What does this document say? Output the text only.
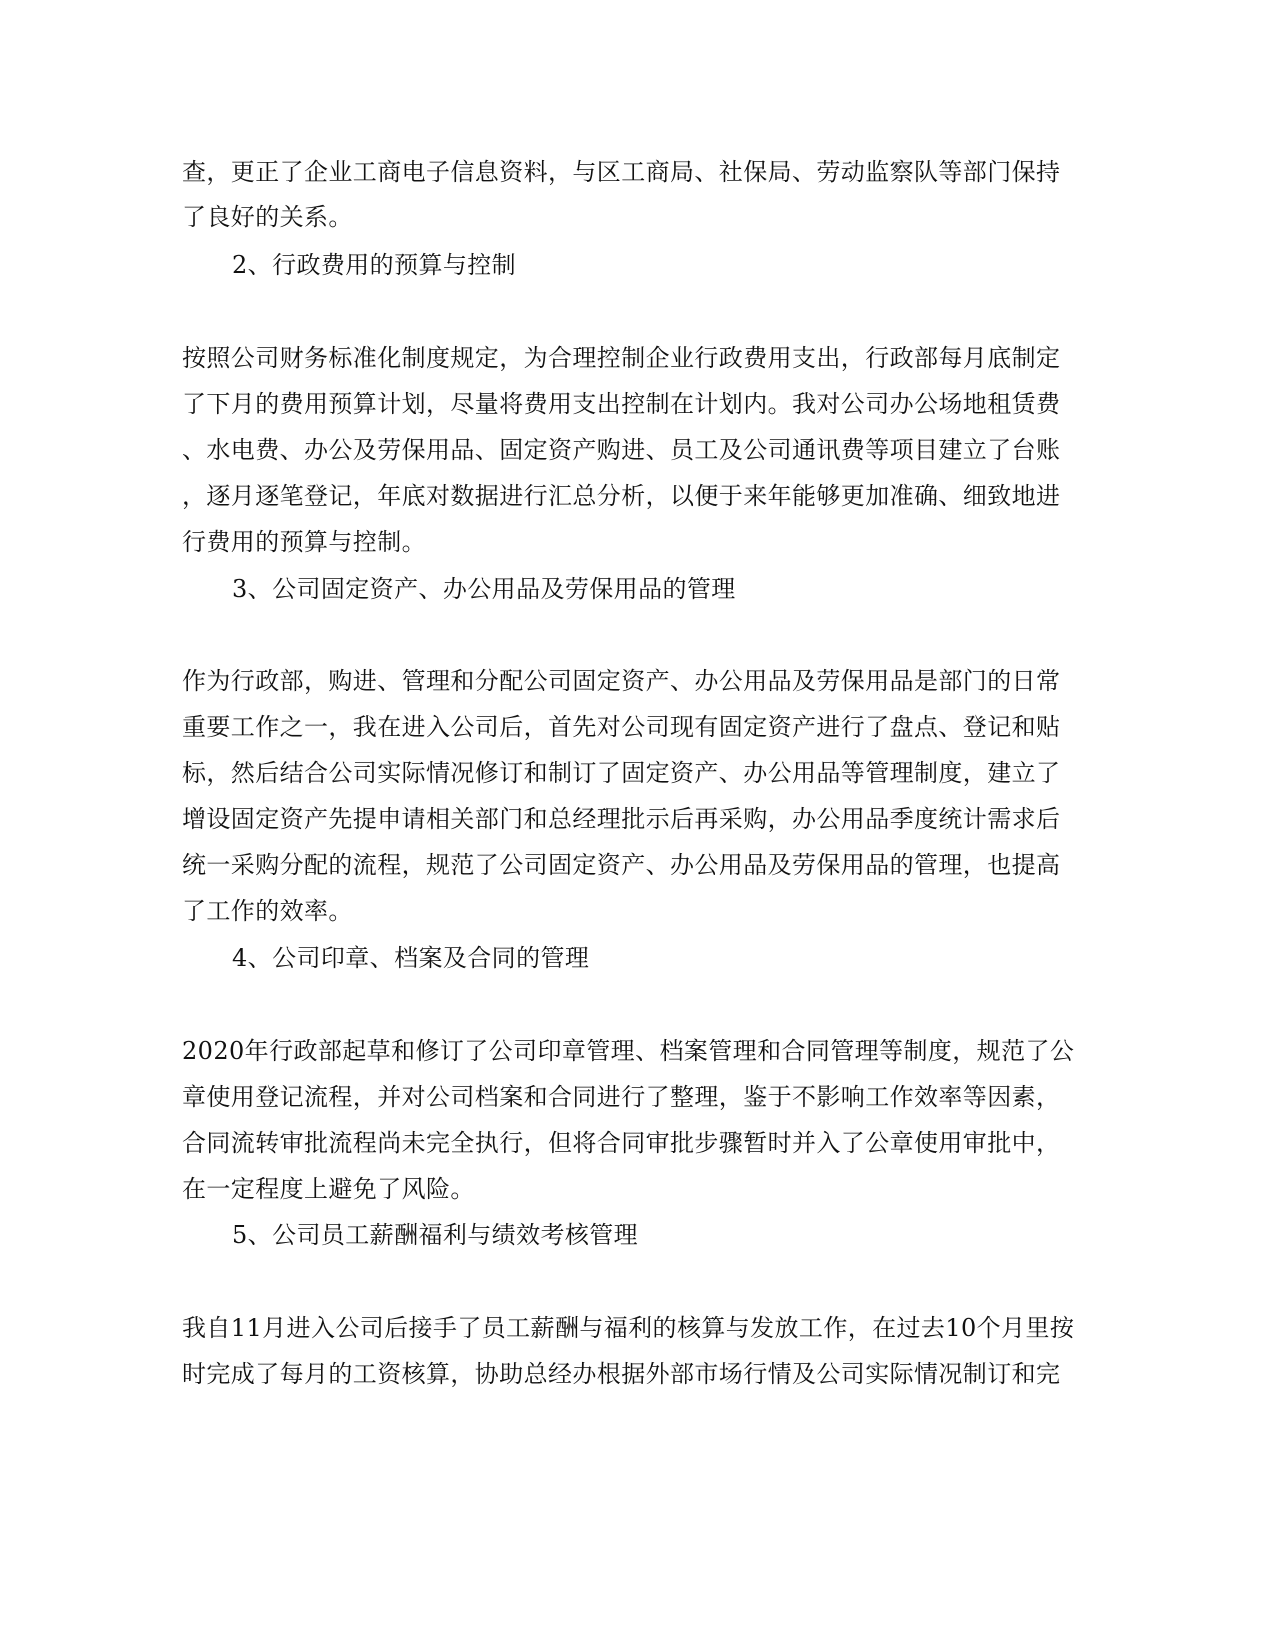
查，更正了企业工商电子信息资料，与区工商局、社保局、劳动监察队等部门保持
了良好的关系。
2、行政费用的预算与控制
按照公司财务标准化制度规定，为合理控制企业行政费用支出，行政部每月底制定
了下月的费用预算计划，尽量将费用支出控制在计划内。我对公司办公场地租赁费
、水电费、办公及劳保用品、固定资产购进、员工及公司通讯费等项目建立了台账
，逐月逐笔登记，年底对数据进行汇总分析，以便于来年能够更加准确、细致地进
行费用的预算与控制。
3、公司固定资产、办公用品及劳保用品的管理
作为行政部，购进、管理和分配公司固定资产、办公用品及劳保用品是部门的日常
重要工作之一，我在进入公司后，首先对公司现有固定资产进行了盘点、登记和贴
标，然后结合公司实际情况修订和制订了固定资产、办公用品等管理制度，建立了
增设固定资产先提申请相关部门和总经理批示后再采购，办公用品季度统计需求后
统一采购分配的流程，规范了公司固定资产、办公用品及劳保用品的管理，也提高
了工作的效率。
4、公司印章、档案及合同的管理
2020年行政部起草和修订了公司印章管理、档案管理和合同管理等制度，规范了公
章使用登记流程，并对公司档案和合同进行了整理，鉴于不影响工作效率等因素，
合同流转审批流程尚未完全执行，但将合同审批步骤暂时并入了公章使用审批中，
在一定程度上避免了风险。
5、公司员工薪酬福利与绩效考核管理
我自11月进入公司后接手了员工薪酬与福利的核算与发放工作，在过去10个月里按
时完成了每月的工资核算，协助总经办根据外部市场行情及公司实际情况制订和完
